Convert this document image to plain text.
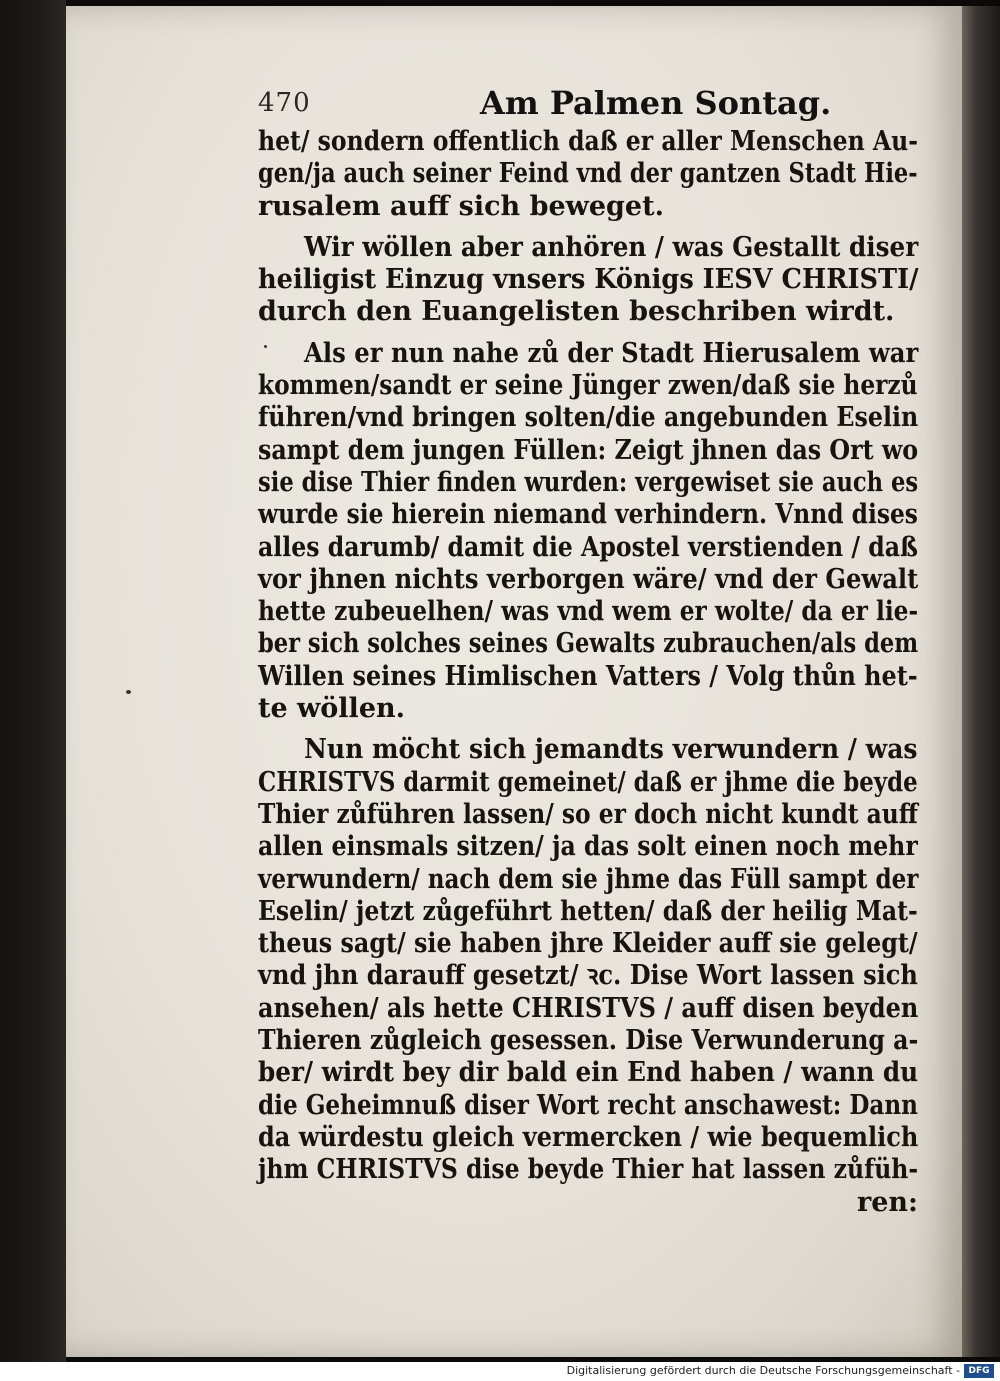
470	Am Palmen Sontag.
het/ sondern offentlich daß er aller Menschen Au-
gen/ja auch seiner Feind vnd der gantzen Stadt Hie-
rusalem auff sich beweget.
Wir wöllen aber anhören / was Gestallt diser
heiligist Einzug vnsers Königs IESV CHRISTI/
durch den Euangelisten beschriben wirdt.
Als er nun nahe zů der Stadt Hierusalem war
kommen/sandt er seine Jünger zwen/daß sie herzů
führen/vnd bringen solten/die angebunden Eselin
sampt dem jungen Füllen: Zeigt jhnen das Ort wo
sie dise Thier finden wurden: vergewiset sie auch es
wurde sie hierein niemand verhindern. Vnnd dises
alles darumb/ damit die Apostel verstienden / daß
vor jhnen nichts verborgen wäre/ vnd der Gewalt
hette zubeuelhen/ was vnd wem er wolte/ da er lie-
ber sich solches seines Gewalts zubrauchen/als dem
Willen seines Himlischen Vatters / Volg thůn het-
te wöllen.
Nun möcht sich jemandts verwundern / was
CHRISTVS darmit gemeinet/ daß er jhme die beyde
Thier zůführen lassen/ so er doch nicht kundt auff
allen einsmals sitzen/ ja das solt einen noch mehr
verwundern/ nach dem sie jhme das Füll sampt der
Eselin/ jetzt zůgeführt hetten/ daß der heilig Mat-
theus sagt/ sie haben jhre Kleider auff sie gelegt/
vnd jhn darauff gesetzt/ ꝛc. Dise Wort lassen sich
ansehen/ als hette CHRISTVS / auff disen beyden
Thieren zůgleich gesessen. Dise Verwunderung a-
ber/ wirdt bey dir bald ein End haben / wann du
die Geheimnuß diser Wort recht anschawest: Dann
da würdestu gleich vermercken / wie bequemlich
jhm CHRISTVS dise beyde Thier hat lassen zůfüh-
ren:
Digitalisierung gefördert durch die Deutsche Forschungsgemeinschaft - DFG
